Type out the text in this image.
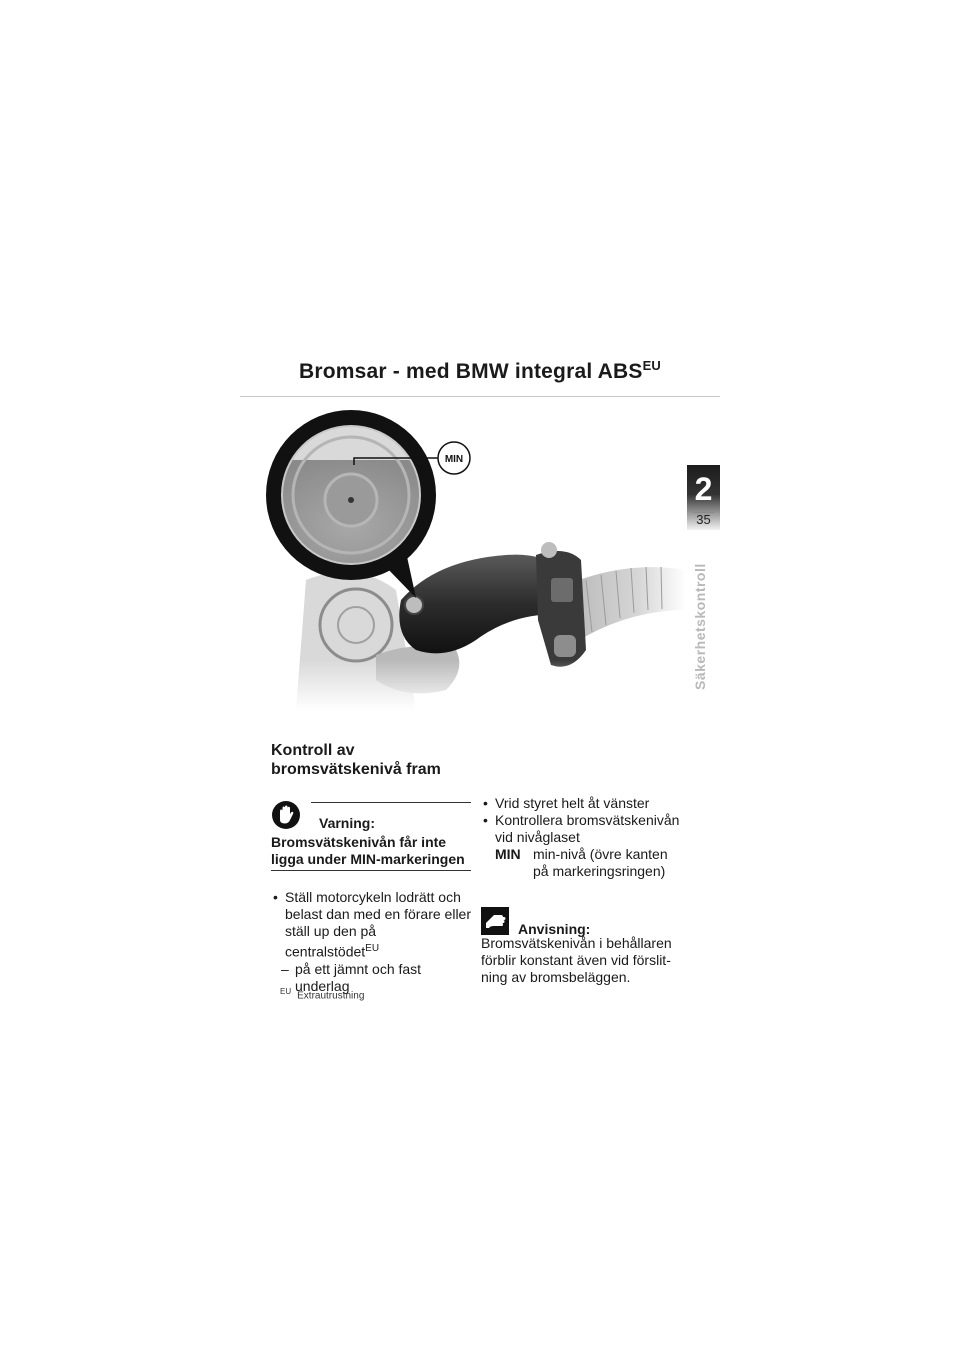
Bromsar - med BMW integral $ABS^{EU}$
2
35
Säkerhetskontroll
MIN
Kontroll av
bromsvätskenivå fram
Varning:
Bromsvätskenivån får inte ligga under MIN-markeringen
• Ställ motorcykeln lodrätt och belast dan med en förare eller ställ up den på centralstödet$^{EU}$
– på ett jämnt och fast underlag
$^{EU}$ Extrautrustning
• Vrid styret helt åt vänster
• Kontrollera bromsvätskenivån vid nivåglaset
MIN min-nivå (övre kanten på markeringsringen)
Anvisning:
Bromsvätskenivån i behållaren förblir konstant även vid förslit- ning av bromsbeläggen.
